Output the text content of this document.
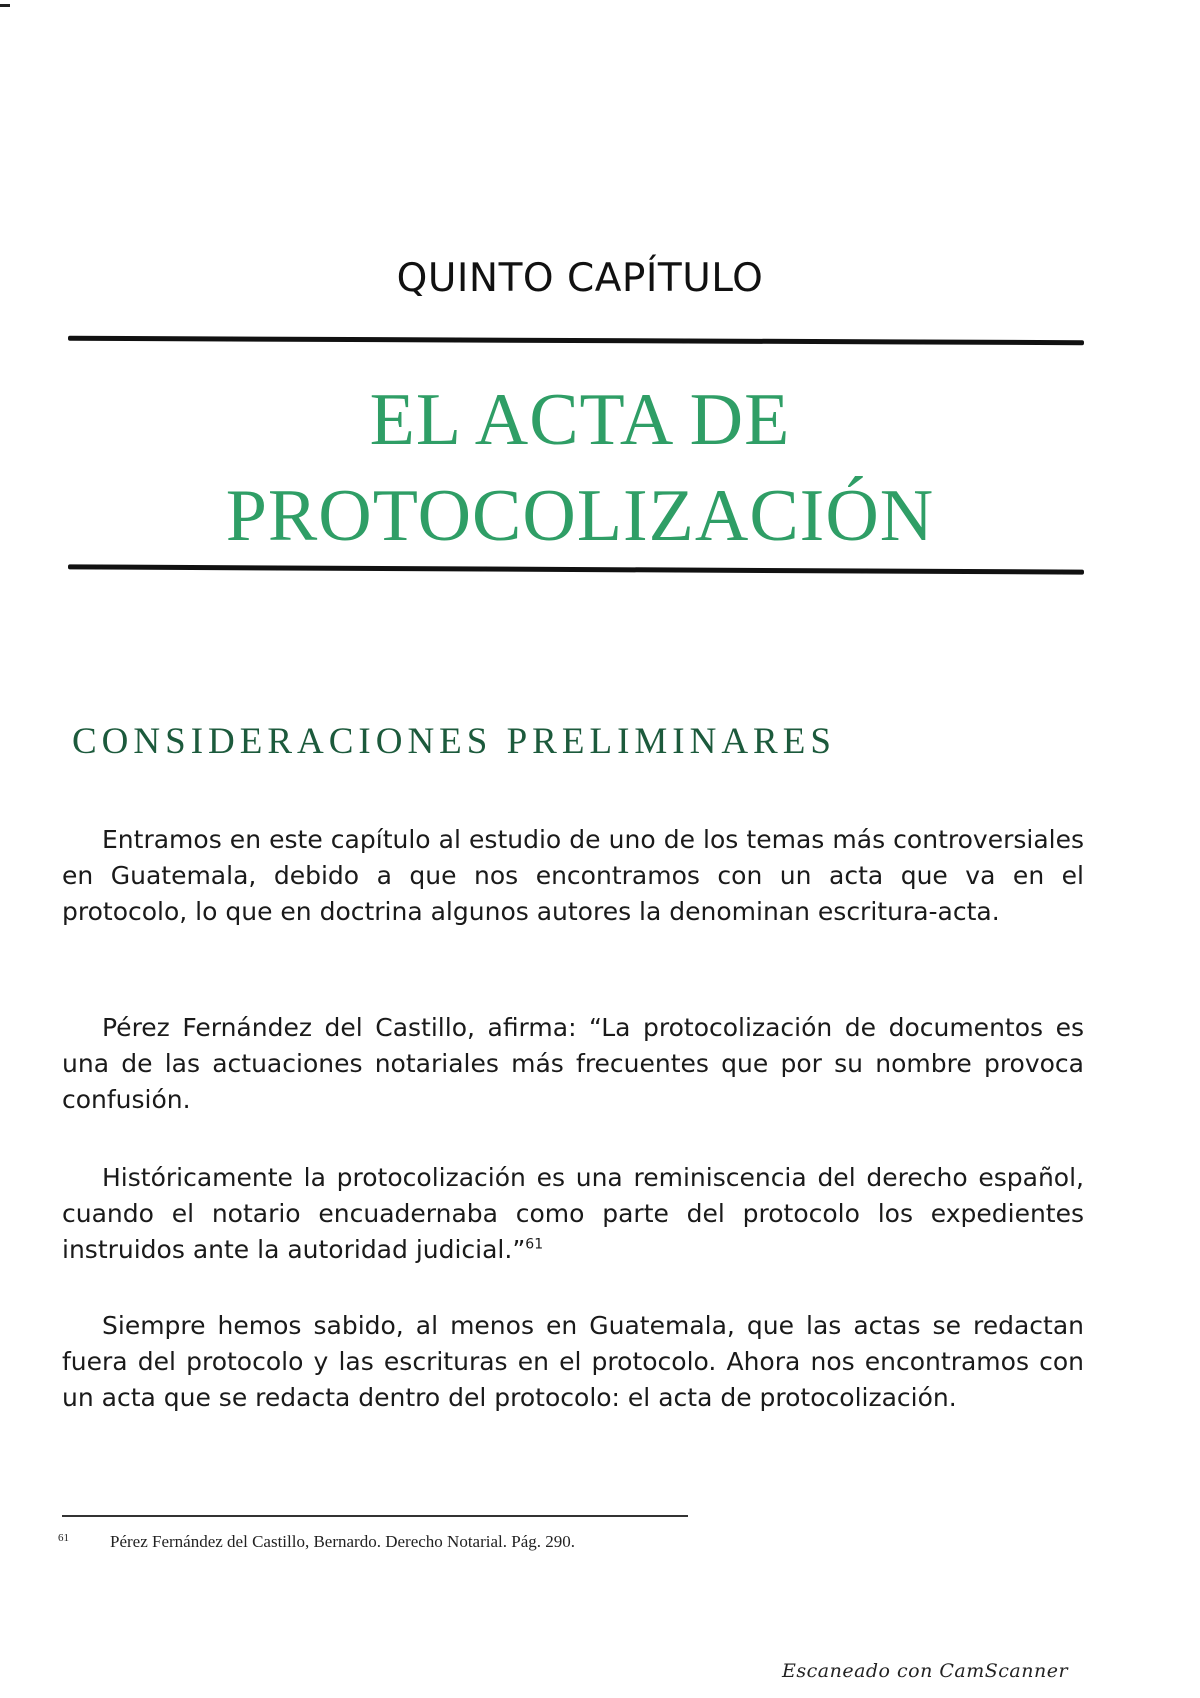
QUINTO CAPÍTULO
EL ACTA DE
PROTOCOLIZACIÓN
CONSIDERACIONES PRELIMINARES

Entramos en este capítulo al estudio de uno de los temas más controversiales en Guatemala, debido a que nos encontramos con un acta que va en el protocolo, lo que en doctrina algunos autores la denominan escritura-acta.

Pérez Fernández del Castillo, afirma: “La protocolización de documentos es una de las actuaciones notariales más frecuentes que por su nombre provoca confusión.

Históricamente la protocolización es una reminiscencia del derecho español, cuando el notario encuadernaba como parte del protocolo los expedientes instruidos ante la autoridad judicial.”$^{61}$

Siempre hemos sabido, al menos en Guatemala, que las actas se redactan fuera del protocolo y las escrituras en el protocolo. Ahora nos encontramos con un acta que se redacta dentro del protocolo: el acta de protocolización.

61 Pérez Fernández del Castillo, Bernardo. Derecho Notarial. Pág. 290.
Escaneado con CamScanner
